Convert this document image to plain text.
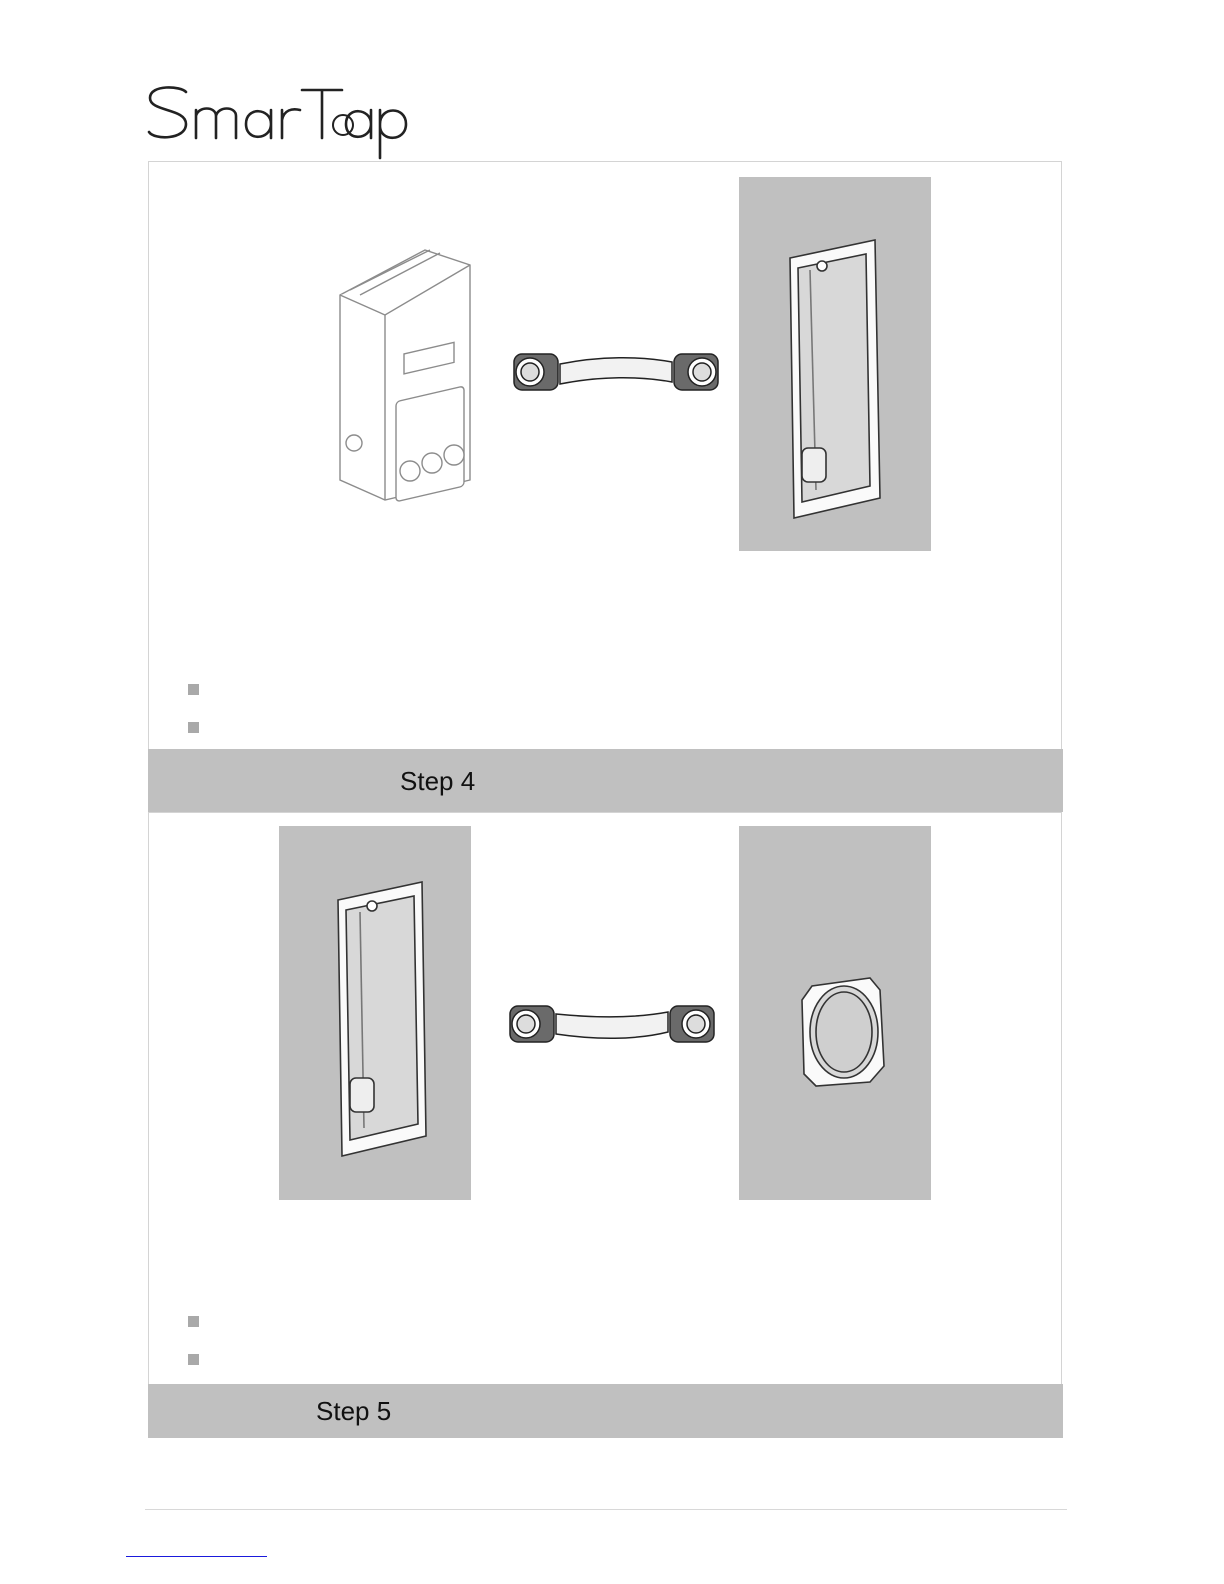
Step 4
Step 5
